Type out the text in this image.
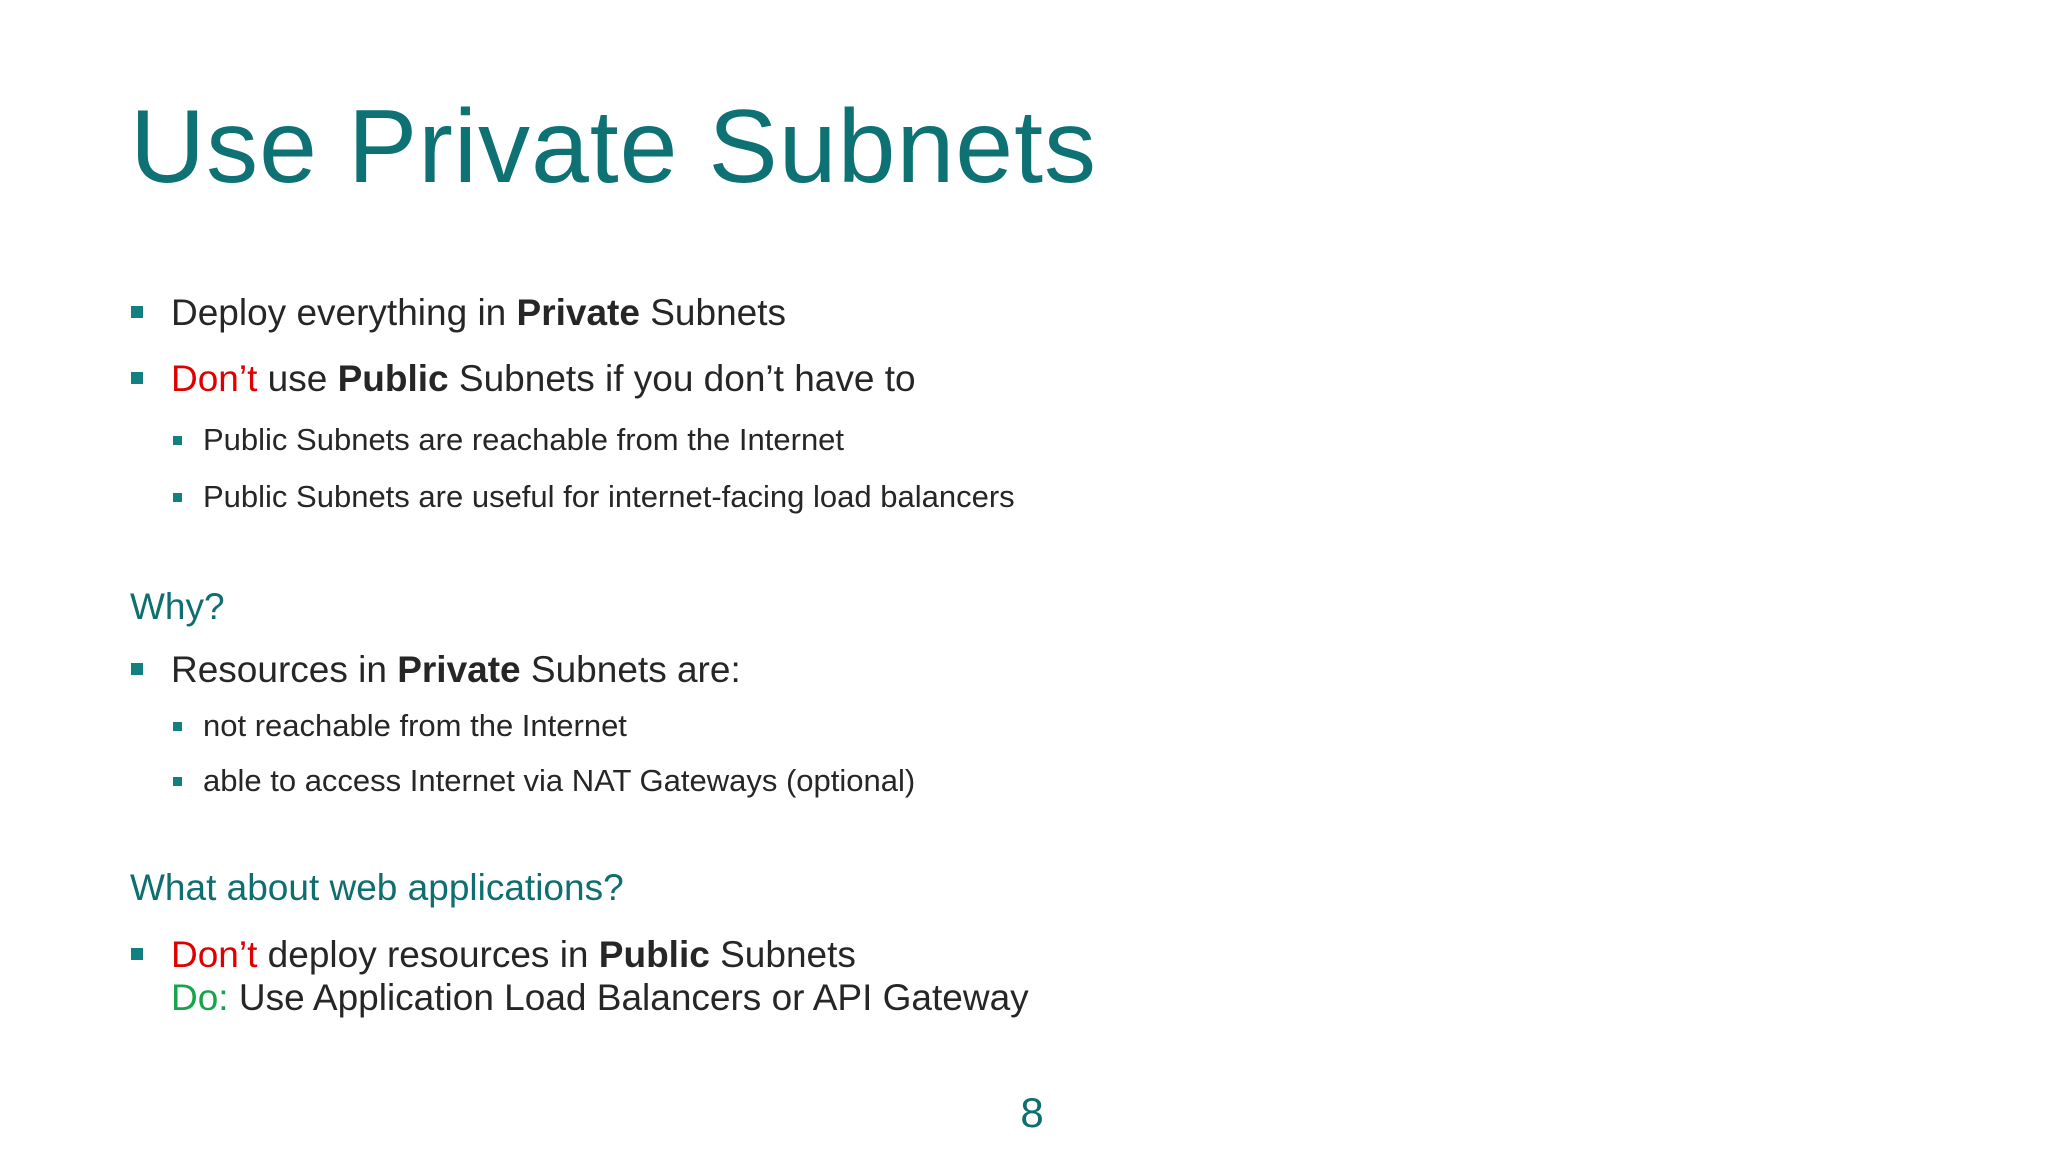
Use Private Subnets
Deploy everything in Private Subnets
Don’t use Public Subnets if you don’t have to
Public Subnets are reachable from the Internet
Public Subnets are useful for internet-facing load balancers
Why?
Resources in Private Subnets are:
not reachable from the Internet
able to access Internet via NAT Gateways (optional)
What about web applications?
Don’t deploy resources in Public Subnets
Do: Use Application Load Balancers or API Gateway
8
